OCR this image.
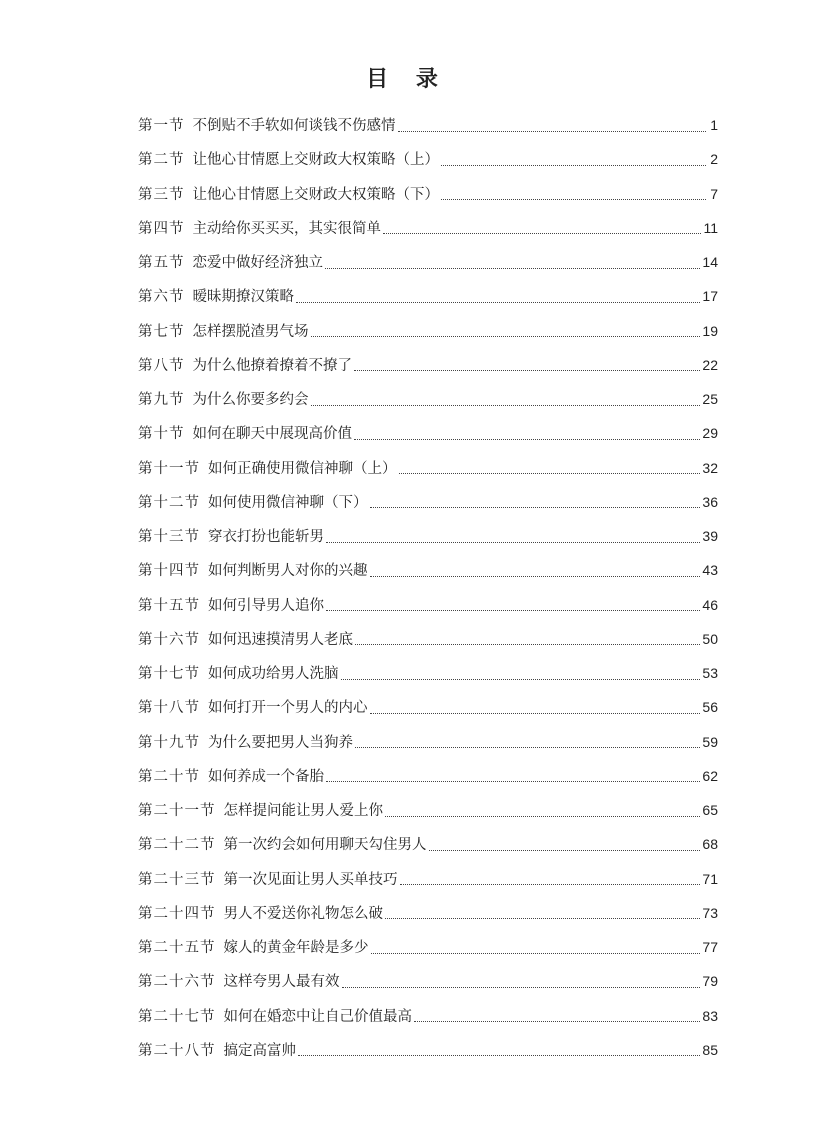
目 录
第一节 不倒贴不手软如何谈钱不伤感情	1
第二节 让他心甘情愿上交财政大权策略（上）	2
第三节 让他心甘情愿上交财政大权策略（下）	7
第四节 主动给你买买买，其实很简单	11
第五节 恋爱中做好经济独立	14
第六节 暧昧期撩汉策略	17
第七节 怎样摆脱渣男气场	19
第八节 为什么他撩着撩着不撩了	22
第九节 为什么你要多约会	25
第十节 如何在聊天中展现高价值	29
第十一节 如何正确使用微信神聊（上）	32
第十二节 如何使用微信神聊（下）	36
第十三节 穿衣打扮也能斩男	39
第十四节 如何判断男人对你的兴趣	43
第十五节 如何引导男人追你	46
第十六节 如何迅速摸清男人老底	50
第十七节 如何成功给男人洗脑	53
第十八节 如何打开一个男人的内心	56
第十九节 为什么要把男人当狗养	59
第二十节 如何养成一个备胎	62
第二十一节 怎样提问能让男人爱上你	65
第二十二节 第一次约会如何用聊天勾住男人	68
第二十三节 第一次见面让男人买单技巧	71
第二十四节 男人不爱送你礼物怎么破	73
第二十五节 嫁人的黄金年龄是多少	77
第二十六节 这样夸男人最有效	79
第二十七节 如何在婚恋中让自己价值最高	83
第二十八节 搞定高富帅	85
